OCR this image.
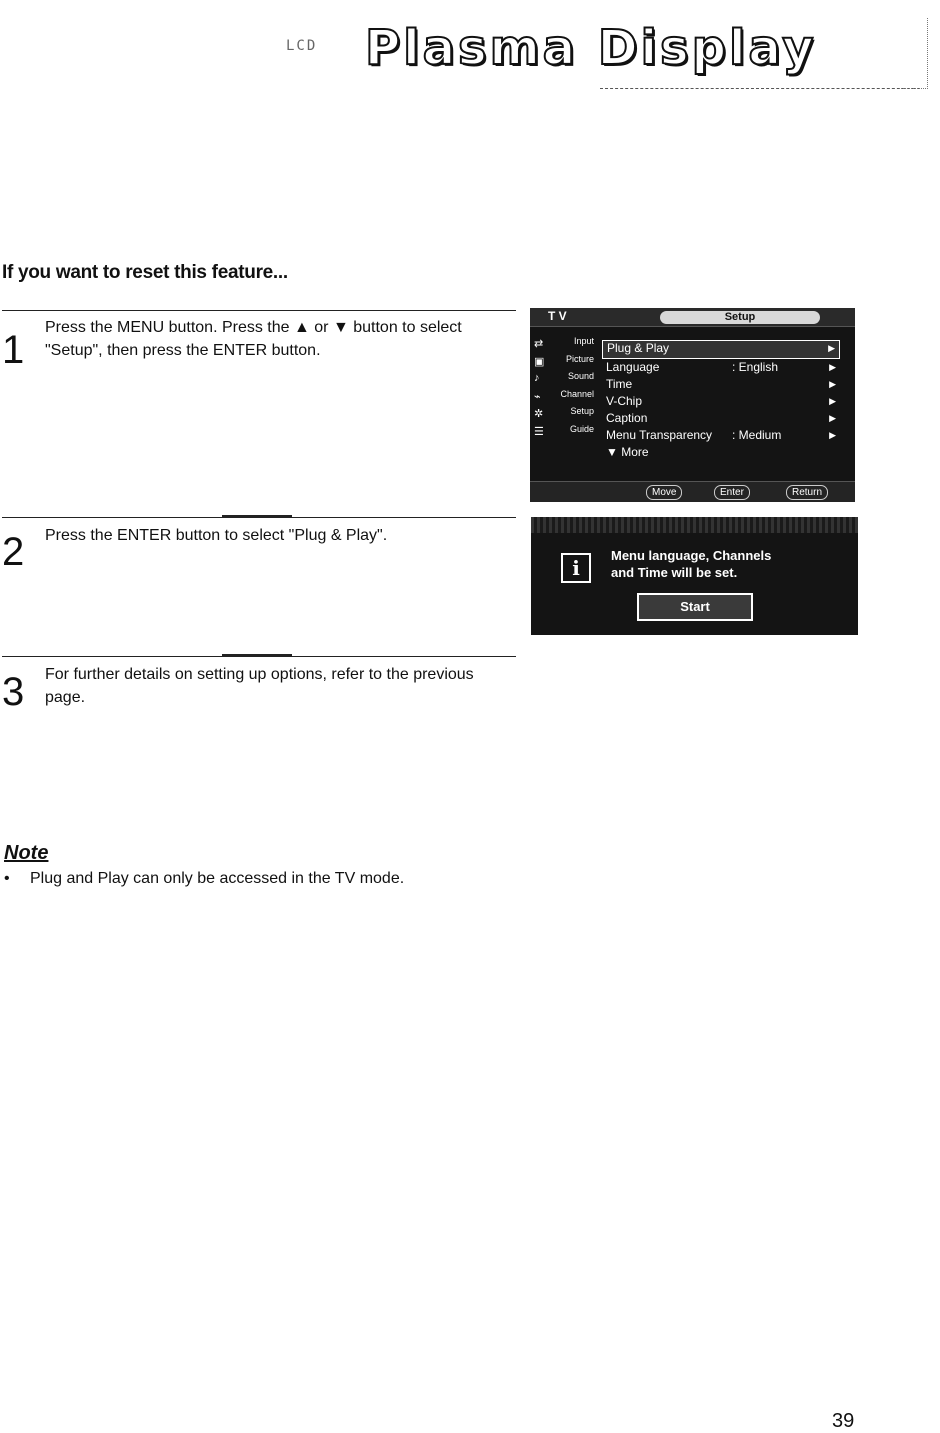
LCD Plasma Display
If you want to reset this feature...
1
Press the MENU button. Press the ▲ or ▼ button to select "Setup", then press the ENTER button.
2 Press the ENTER button to select "Plug & Play".
3 For further details on setting up options, refer to the previous page.
T V	Setup
⇄	Input
▣ Picture
♪	Sound
⌁ Channel
✲	Setup
☰	Guide
Plug & Play	▶
Language	: English	▶
Time	▶
V-Chip	▶
Caption	▶
Menu Transparency : Medium	▶
▼ More
Move	Enter	Return
i
Menu language, Channels
and Time will be set.
Start
Note
• Plug and Play can only be accessed in the TV mode.
39
